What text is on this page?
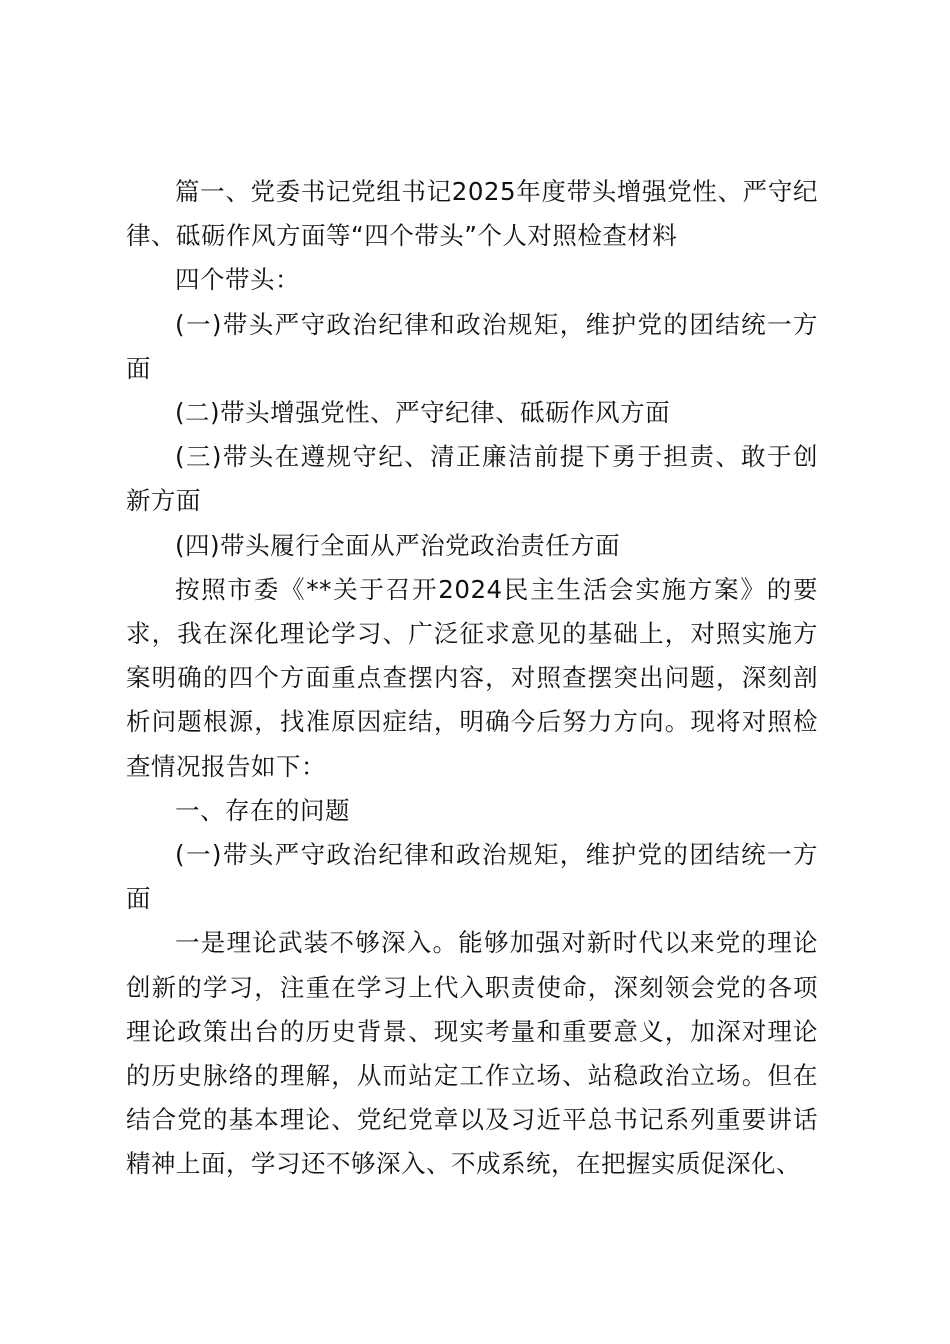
篇一、党委书记党组书记2025年度带头增强党性、严守纪律、砥砺作风方面等“四个带头”个人对照检查材料

四个带头：

(一)带头严守政治纪律和政治规矩，维护党的团结统一方面

(二)带头增强党性、严守纪律、砥砺作风方面

(三)带头在遵规守纪、清正廉洁前提下勇于担责、敢于创新方面

(四)带头履行全面从严治党政治责任方面

按照市委《**关于召开2024民主生活会实施方案》的要求，我在深化理论学习、广泛征求意见的基础上，对照实施方案明确的四个方面重点查摆内容，对照查摆突出问题，深刻剖析问题根源，找准原因症结，明确今后努力方向。现将对照检查情况报告如下：

一、存在的问题

(一)带头严守政治纪律和政治规矩，维护党的团结统一方面

一是理论武装不够深入。能够加强对新时代以来党的理论创新的学习，注重在学习上代入职责使命，深刻领会党的各项理论政策出台的历史背景、现实考量和重要意义，加深对理论的历史脉络的理解，从而站定工作立场、站稳政治立场。但在结合党的基本理论、党纪党章以及习近平总书记系列重要讲话精神上面，学习还不够深入、不成系统，在把握实质促深化、
